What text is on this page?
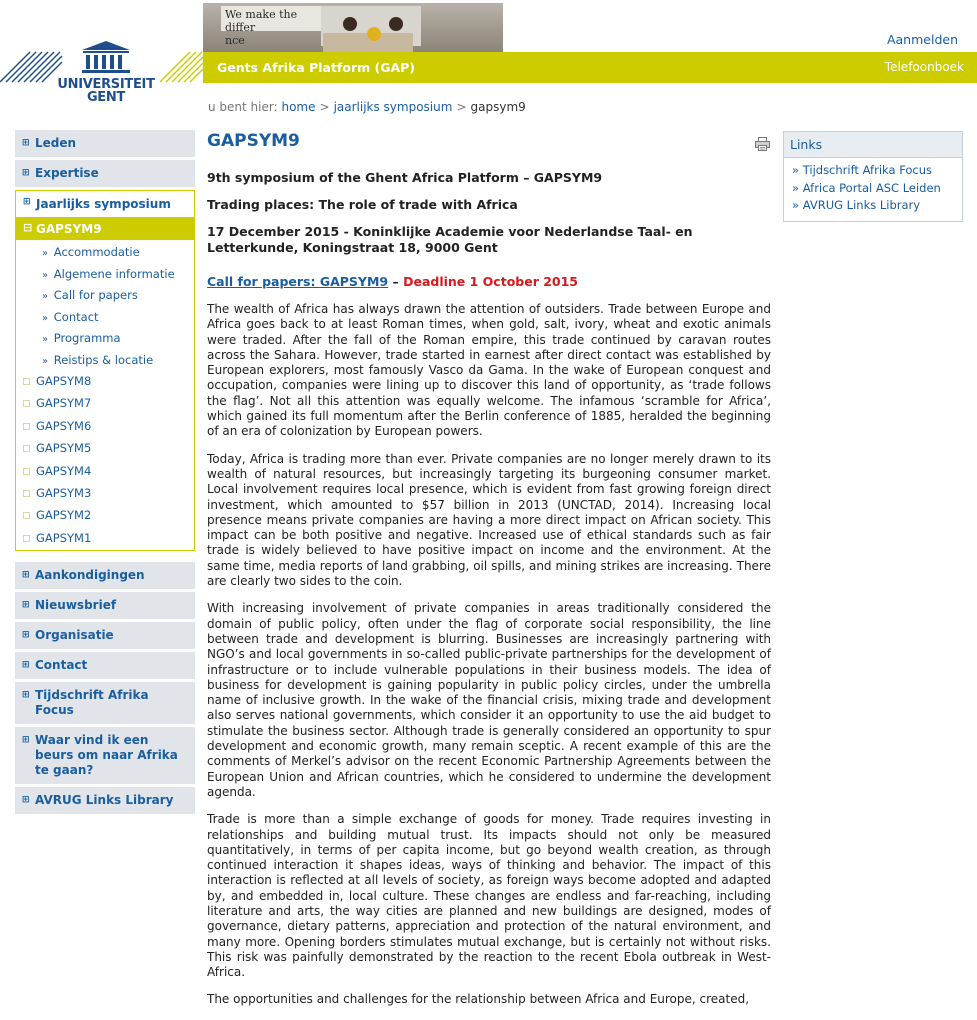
UNIVERSITEIT
GENT
We make the differ
nce	Aanmelden
Gents Afrika Platform (GAP)	Telefoonboek
u bent hier: home > jaarlijks symposium > gapsym9
⊞ Leden
⊞ Expertise
⊞ Jaarlijks symposium
⊟ GAPSYM9
» Accommodatie
» Algemene informatie
» Call for papers
» Contact
» Programma
» Reistips & locatie
GAPSYM8
GAPSYM7
GAPSYM6
GAPSYM5
GAPSYM4
GAPSYM3
GAPSYM2
GAPSYM1
⊞ Aankondigingen
⊞ Nieuwsbrief
⊞ Organisatie
⊞ Contact
⊞ Tijdschrift Afrika Focus
⊞ Waar vind ik een beurs om naar Afrika te gaan?
⊞ AVRUG Links Library
GAPSYM9
9th symposium of the Ghent Africa Platform – GAPSYM9
Trading places: The role of trade with Africa
17 December 2015 - Koninklijke Academie voor Nederlandse Taal- en Letterkunde, Koningstraat 18, 9000 Gent
Call for papers: GAPSYM9 – Deadline 1 October 2015

The wealth of Africa has always drawn the attention of outsiders. Trade between Europe and Africa goes back to at least Roman times, when gold, salt, ivory, wheat and exotic animals were traded. After the fall of the Roman empire, this trade continued by caravan routes across the Sahara. However, trade started in earnest after direct contact was established by European explorers, most famously Vasco da Gama. In the wake of European conquest and occupation, companies were lining up to discover this land of opportunity, as ‘trade follows the flag’. Not all this attention was equally welcome. The infamous ‘scramble for Africa’, which gained its full momentum after the Berlin conference of 1885, heralded the beginning of an era of colonization by European powers.

Today, Africa is trading more than ever. Private companies are no longer merely drawn to its wealth of natural resources, but increasingly targeting its burgeoning consumer market. Local involvement requires local presence, which is evident from fast growing foreign direct investment, which amounted to $57 billion in 2013 (UNCTAD, 2014). Increasing local presence means private companies are having a more direct impact on African society. This impact can be both positive and negative. Increased use of ethical standards such as fair trade is widely believed to have positive impact on income and the environment. At the same time, media reports of land grabbing, oil spills, and mining strikes are increasing. There are clearly two sides to the coin.

With increasing involvement of private companies in areas traditionally considered the domain of public policy, often under the flag of corporate social responsibility, the line between trade and development is blurring. Businesses are increasingly partnering with NGO’s and local governments in so-called public-private partnerships for the development of infrastructure or to include vulnerable populations in their business models. The idea of business for development is gaining popularity in public policy circles, under the umbrella name of inclusive growth. In the wake of the financial crisis, mixing trade and development also serves national governments, which consider it an opportunity to use the aid budget to stimulate the business sector. Although trade is generally considered an opportunity to spur development and economic growth, many remain sceptic. A recent example of this are the comments of Merkel’s advisor on the recent Economic Partnership Agreements between the European Union and African countries, which he considered to undermine the development agenda.

Trade is more than a simple exchange of goods for money. Trade requires investing in relationships and building mutual trust. Its impacts should not only be measured quantitatively, in terms of per capita income, but go beyond wealth creation, as through continued interaction it shapes ideas, ways of thinking and behavior. The impact of this interaction is reflected at all levels of society, as foreign ways become adopted and adapted by, and embedded in, local culture. These changes are endless and far-reaching, including literature and arts, the way cities are planned and new buildings are designed, modes of governance, dietary patterns, appreciation and protection of the natural environment, and many more. Opening borders stimulates mutual exchange, but is certainly not without risks. This risk was painfully demonstrated by the reaction to the recent Ebola outbreak in West-Africa.

The opportunities and challenges for the relationship between Africa and Europe, created,

Links
» Tijdschrift Afrika Focus
» Africa Portal ASC Leiden
» AVRUG Links Library
